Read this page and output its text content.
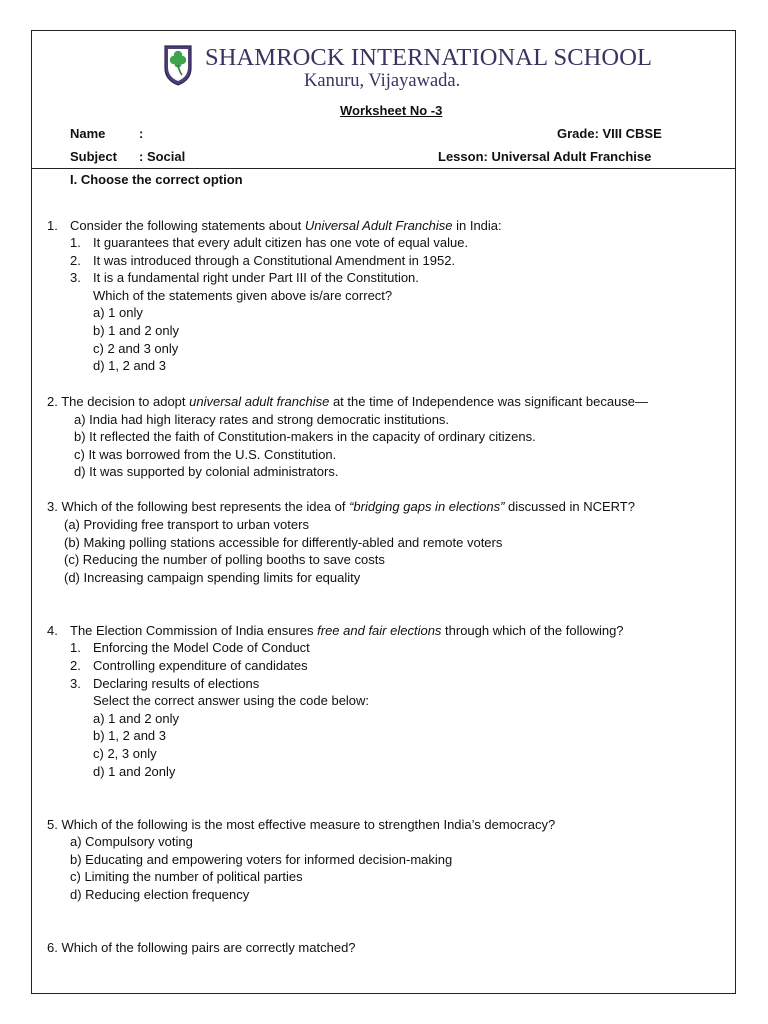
SHAMROCK INTERNATIONAL SCHOOL
Kanuru, Vijayawada.
Worksheet No -3
Name	:	Grade: VIII CBSE
Subject : Social	Lesson: Universal Adult Franchise
I. Choose the correct option
1. Consider the following statements about Universal Adult Franchise in India:
1. It guarantees that every adult citizen has one vote of equal value.
2. It was introduced through a Constitutional Amendment in 1952.
3. It is a fundamental right under Part III of the Constitution.
Which of the statements given above is/are correct?
a) 1 only
b) 1 and 2 only
c) 2 and 3 only
d) 1, 2 and 3
2. The decision to adopt universal adult franchise at the time of Independence was significant because—
a) India had high literacy rates and strong democratic institutions.
b) It reflected the faith of Constitution-makers in the capacity of ordinary citizens.
c) It was borrowed from the U.S. Constitution.
d) It was supported by colonial administrators.
3. Which of the following best represents the idea of “bridging gaps in elections” discussed in NCERT?
(a) Providing free transport to urban voters
(b) Making polling stations accessible for differently-abled and remote voters
(c) Reducing the number of polling booths to save costs
(d) Increasing campaign spending limits for equality
4. The Election Commission of India ensures free and fair elections through which of the following?
1. Enforcing the Model Code of Conduct
2. Controlling expenditure of candidates
3. Declaring results of elections
Select the correct answer using the code below:
a) 1 and 2 only
b) 1, 2 and 3
c) 2, 3 only
d) 1 and 2only
5. Which of the following is the most effective measure to strengthen India’s democracy?
a) Compulsory voting
b) Educating and empowering voters for informed decision-making
c) Limiting the number of political parties
d) Reducing election frequency
6. Which of the following pairs are correctly matched?
